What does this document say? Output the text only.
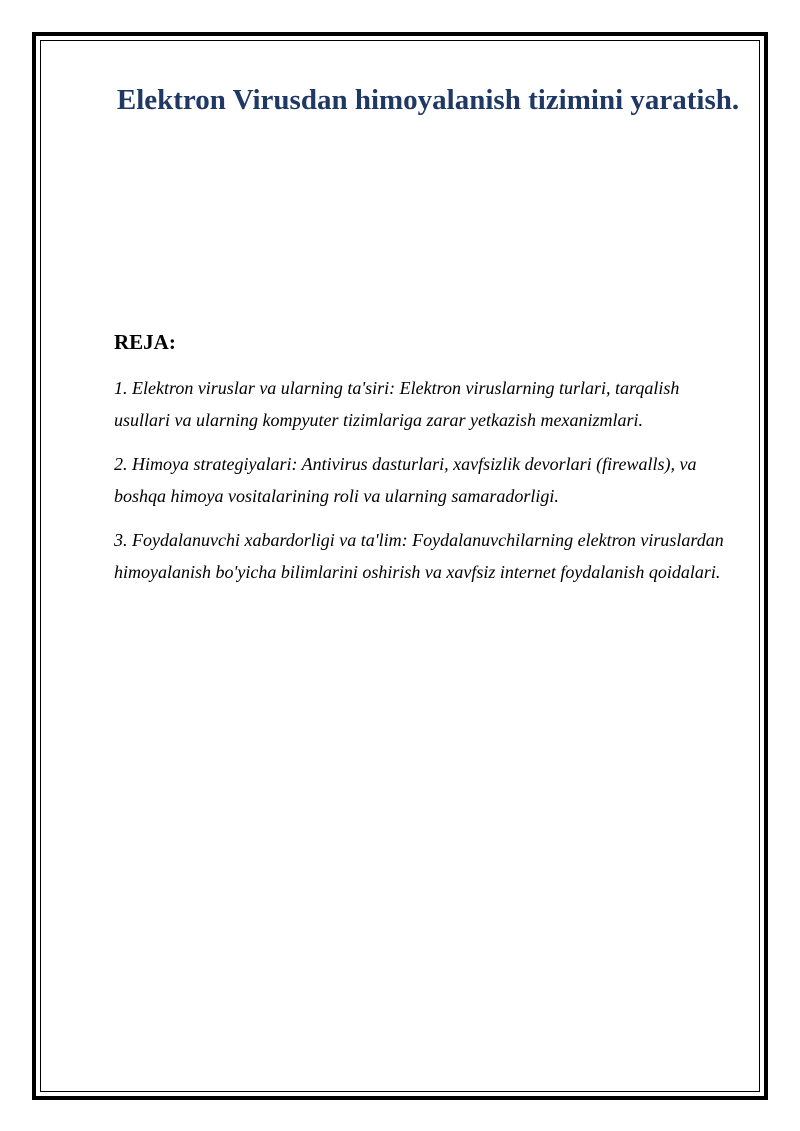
Elektron Virusdan himoyalanish tizimini yaratish.

REJA:

1. Elektron viruslar va ularning ta'siri: Elektron viruslarning turlari, tarqalish usullari va ularning kompyuter tizimlariga zarar yetkazish mexanizmlari.

2. Himoya strategiyalari: Antivirus dasturlari, xavfsizlik devorlari (firewalls), va boshqa himoya vositalarining roli va ularning samaradorligi.

3. Foydalanuvchi xabardorligi va ta'lim: Foydalanuvchilarning elektron viruslardan himoyalanish bo'yicha bilimlarini oshirish va xavfsiz internet foydalanish qoidalari.
